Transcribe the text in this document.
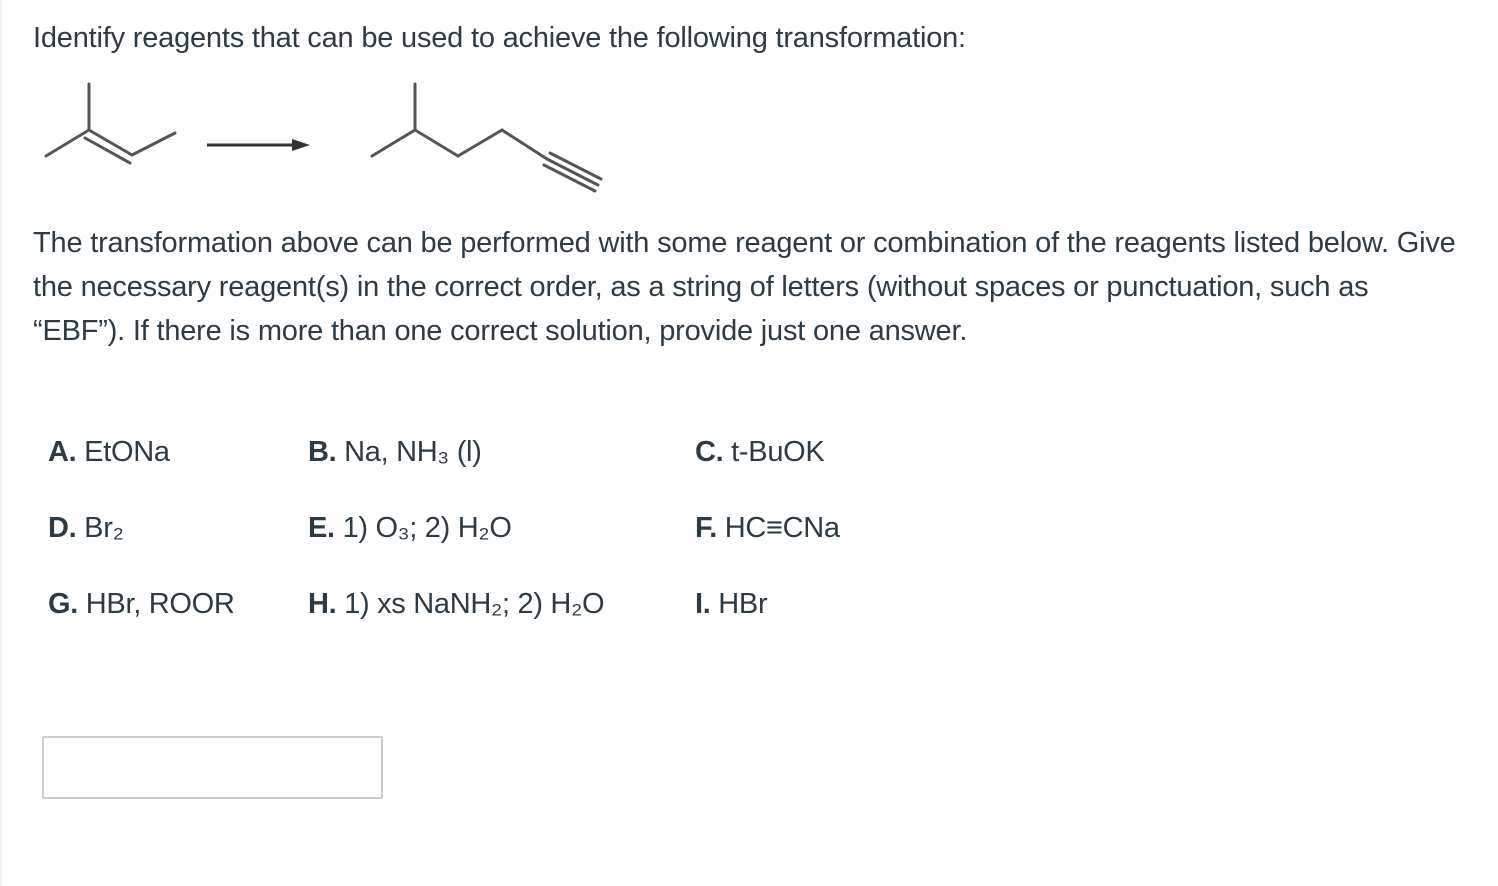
Identify reagents that can be used to achieve the following transformation:

The transformation above can be performed with some reagent or combination of the reagents listed below. Give the necessary reagent(s) in the correct order, as a string of letters (without spaces or punctuation, such as “EBF”). If there is more than one correct solution, provide just one answer.

A. EtONa	B. Na, NH₃ (l)	C. t-BuOK
D. Br₂	E. 1) O₃; 2) H₂O	F. HC≡CNa
G. HBr, ROOR	H. 1) xs NaNH₂; 2) H₂O	I. HBr
